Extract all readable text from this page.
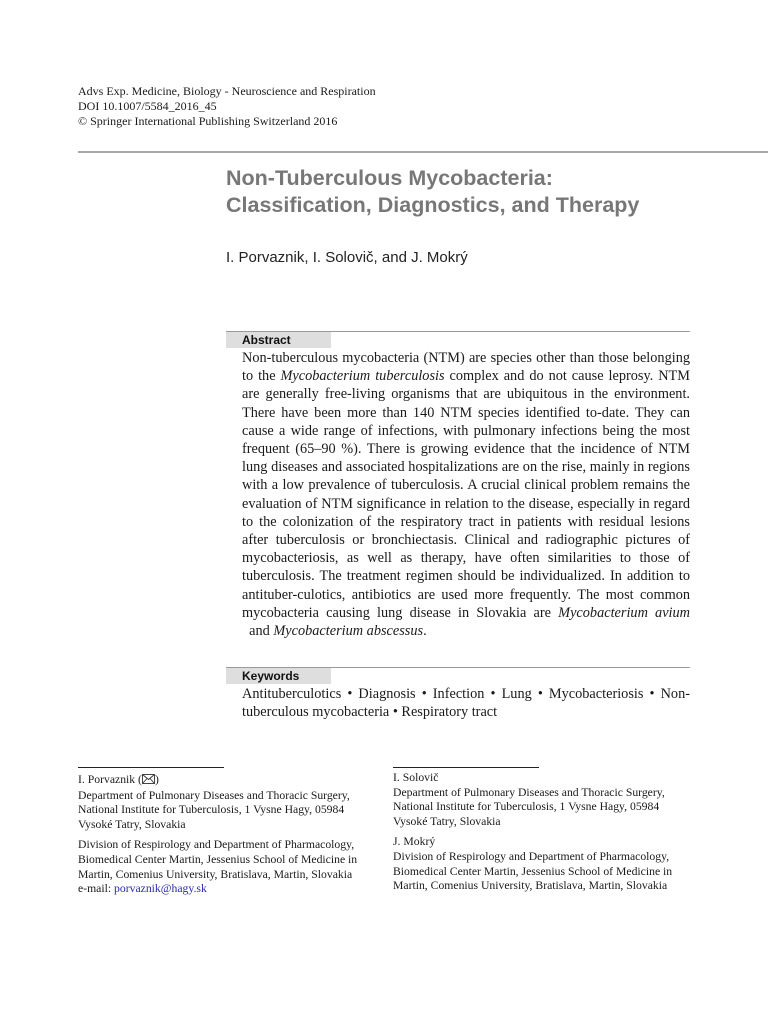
Advs Exp. Medicine, Biology - Neuroscience and Respiration
DOI 10.1007/5584_2016_45
© Springer International Publishing Switzerland 2016
Non-Tuberculous Mycobacteria:
Classification, Diagnostics, and Therapy
I. Porvaznik, I. Solovič, and J. Mokrý
Abstract

Non-tuberculous mycobacteria (NTM) are species other than those belonging to the Mycobacterium tuberculosis complex and do not cause leprosy. NTM are generally free-living organisms that are ubiquitous in the environment. There have been more than 140 NTM species identified to-date. They can cause a wide range of infections, with pulmonary infections being the most frequent (65–90 %). There is growing evidence that the incidence of NTM lung diseases and associated hospitalizations are on the rise, mainly in regions with a low prevalence of tuberculosis. A crucial clinical problem remains the evaluation of NTM significance in relation to the disease, especially in regard to the colonization of the respiratory tract in patients with residual lesions after tuberculosis or bronchiectasis. Clinical and radiographic pictures of mycobacteriosis, as well as therapy, have often similarities to those of tuberculosis. The treatment regimen should be individualized. In addition to antituber-culotics, antibiotics are used more frequently. The most common mycobacteria causing lung disease in Slovakia are Mycobacterium avium  and Mycobacterium abscessus.

Keywords
Antituberculotics • Diagnosis • Infection • Lung • Mycobacteriosis • Non-tuberculous mycobacteria • Respiratory tract

I. Porvaznik ( )

Department of Pulmonary Diseases and Thoracic Surgery, National Institute for Tuberculosis, 1 Vysne Hagy, 05984 Vysoké Tatry, Slovakia

Division of Respirology and Department of Pharmacology, Biomedical Center Martin, Jessenius School of Medicine in Martin, Comenius University, Bratislava, Martin, Slovakia

e-mail: porvaznik@hagy.sk

I. Solovič

Department of Pulmonary Diseases and Thoracic Surgery, National Institute for Tuberculosis, 1 Vysne Hagy, 05984 Vysoké Tatry, Slovakia

J. Mokrý

Division of Respirology and Department of Pharmacology, Biomedical Center Martin, Jessenius School of Medicine in Martin, Comenius University, Bratislava, Martin, Slovakia
